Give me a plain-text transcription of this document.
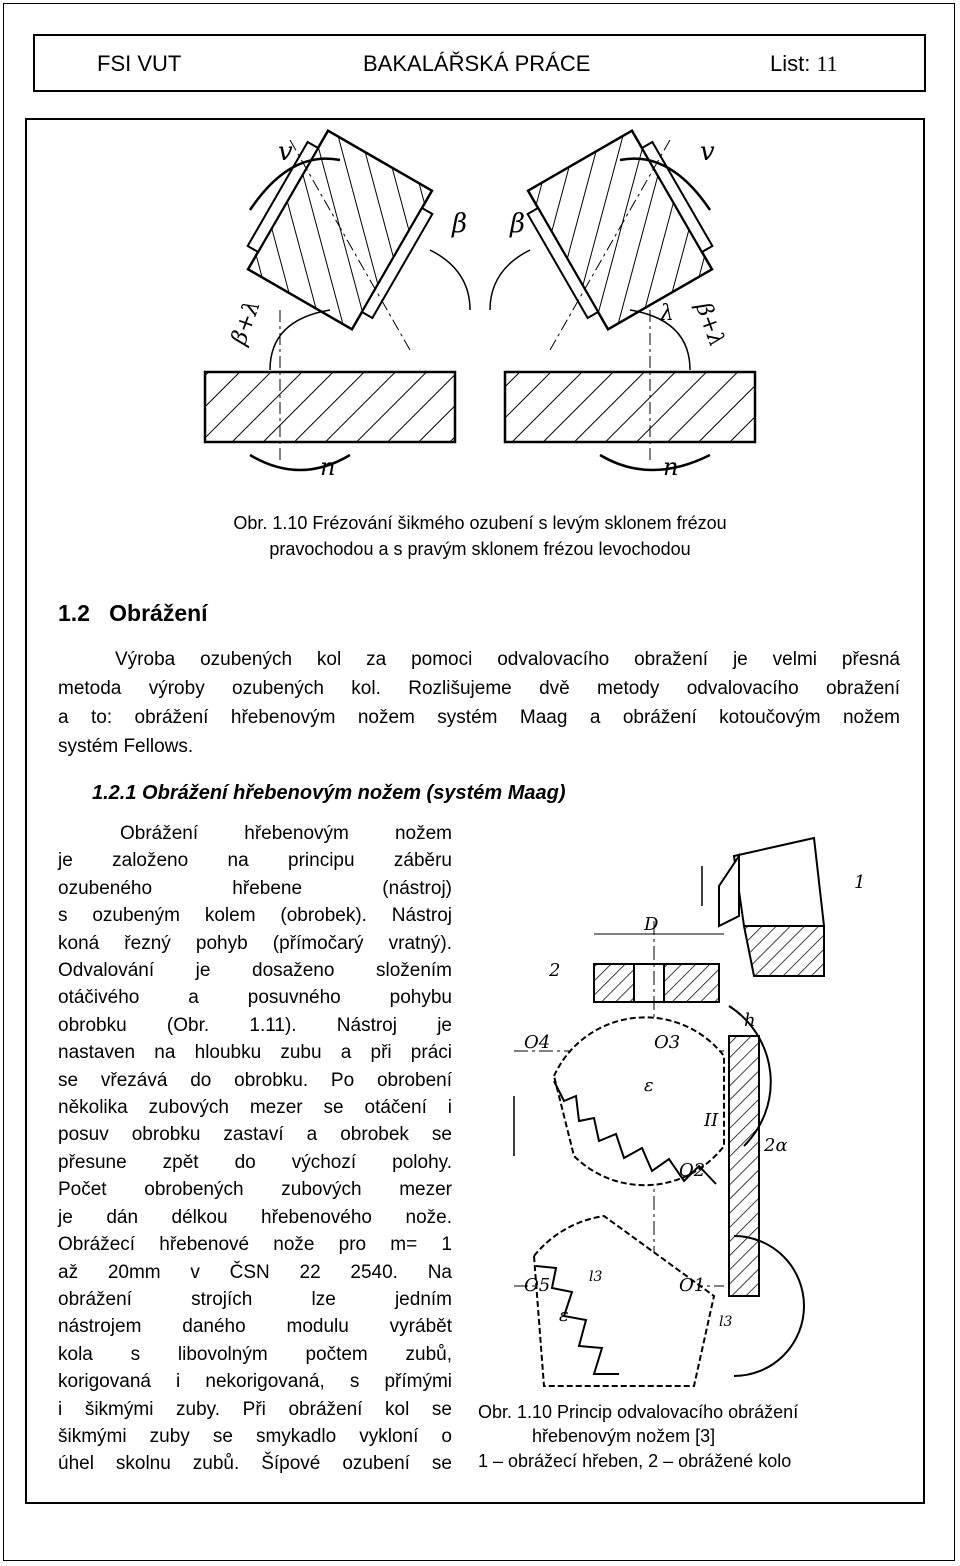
FSI VUT	BAKALÁŘSKÁ PRÁCE	List: 11
v	v
β β
β+λ	β+λ
λ
n	n
Obr. 1.10 Frézování šikmého ozubení s levým sklonem frézou
pravochodou a s pravým sklonem frézou levochodou
1.2 Obrážení
Výroba ozubených kol za pomoci odvalovacího obražení je velmi přesná
metoda výroby ozubených kol. Rozlišujeme dvě metody odvalovacího obražení
a to: obrážení hřebenovým nožem systém Maag a obrážení kotoučovým nožem
systém Fellows.
1.2.1 Obrážení hřebenovým nožem (systém Maag)
Obrážení hřebenovým nožem
je založeno na principu záběru
ozubeného hřebene (nástroj)
s ozubeným kolem (obrobek). Nástroj
koná řezný pohyb (přímočarý vratný).
Odvalování je dosaženo složením
otáčivého a posuvného pohybu
obrobku (Obr. 1.11). Nástroj je
nastaven na hloubku zubu a při práci
se vřezává do obrobku. Po obrobení
několika zubových mezer se otáčení i
posuv obrobku zastaví a obrobek se
přesune zpět do výchozí polohy.
Počet obrobených zubových mezer
je dán délkou hřebenového nože.
Obrážecí hřebenové nože pro m= 1
až 20mm v ČSN 22 2540. Na
obrážení strojích lze jedním
nástrojem daného modulu vyrábět
kola s libovolným počtem zubů,
korigovaná i nekorigovaná, s přímými
i šikmými zuby. Při obrážení kol se
šikmými zuby se smykadlo vykloní o
úhel skolnu zubů. Šípové ozubení se
1
2
D
h
O4	O3
O2
O1
O5
ε
ε
2α
II
l3
l3
Obr. 1.10 Princip odvalovacího obrážení
hřebenovým nožem [3]
1 – obrážecí hřeben, 2 – obrážené kolo
